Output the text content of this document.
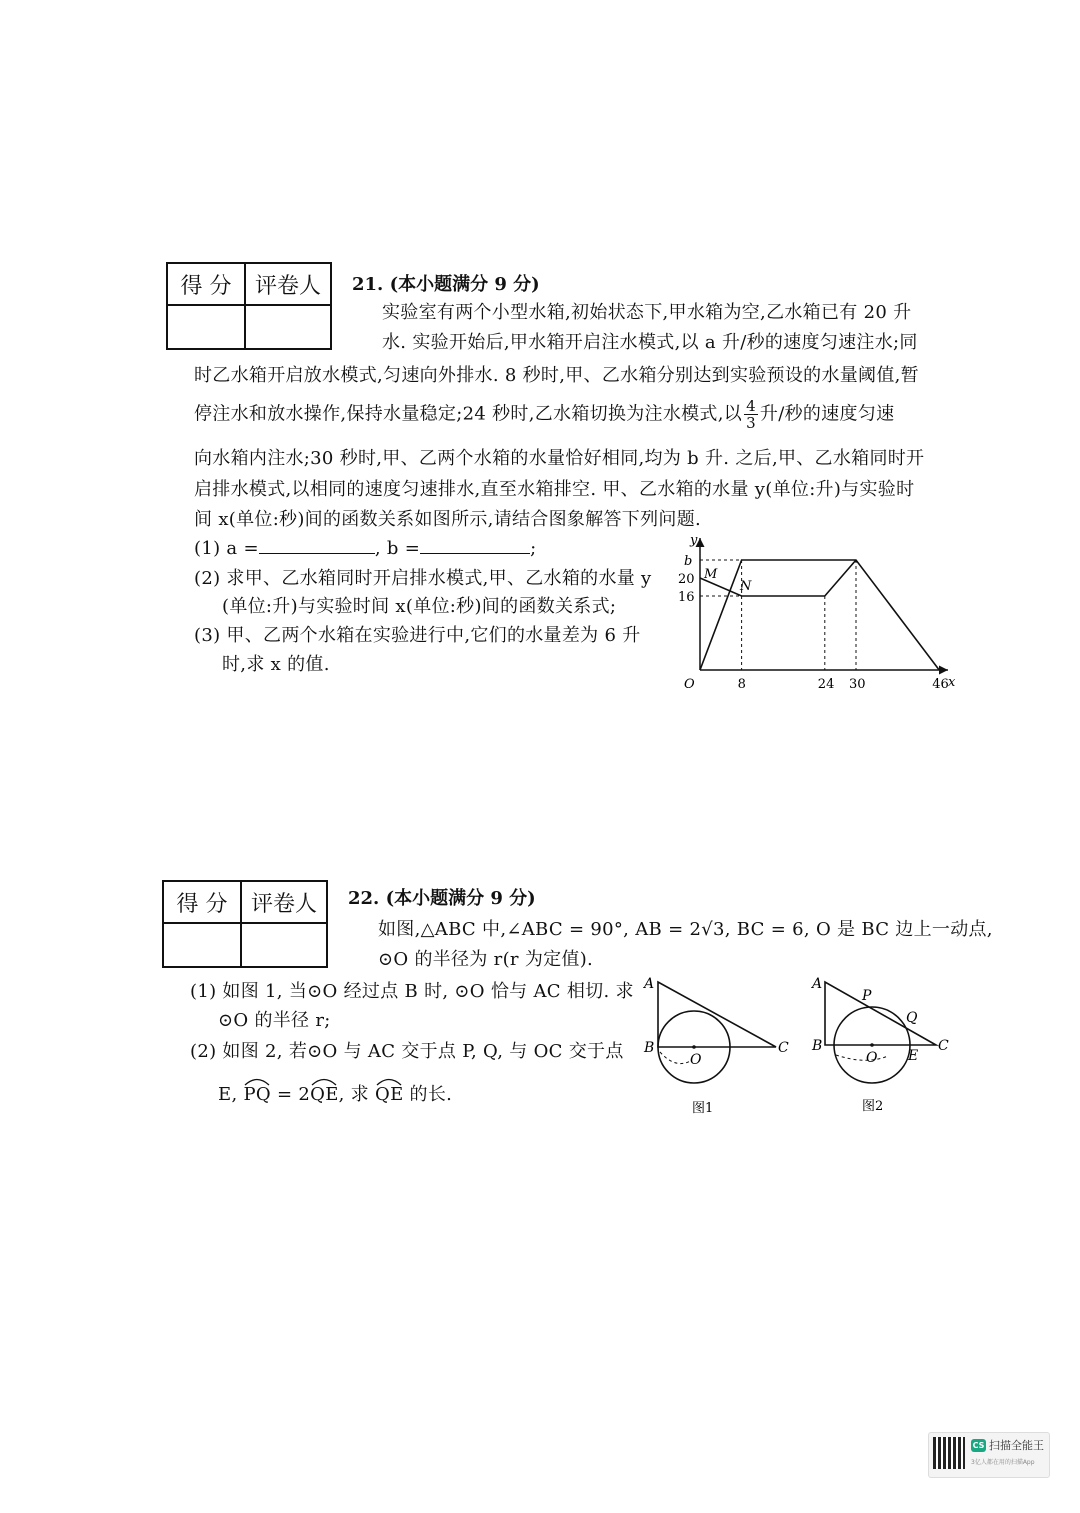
得 分	评卷人
	21. (本小题满分 9 分)
实验室有两个小型水箱,初始状态下,甲水箱为空,乙水箱已有 20 升
水. 实验开始后,甲水箱开启注水模式,以 a 升/秒的速度匀速注水;同
时乙水箱开启放水模式,匀速向外排水. 8 秒时,甲、乙水箱分别达到实验预设的水量阈值,暂
停注水和放水操作,保持水量稳定;24 秒时,乙水箱切换为注水模式,以 $\frac{4}{3}$ 升/秒的速度匀速
向水箱内注水;30 秒时,甲、乙两个水箱的水量恰好相同,均为 b 升. 之后,甲、乙水箱同时开
启排水模式,以相同的速度匀速排水,直至水箱排空. 甲、乙水箱的水量 y(单位:升)与实验时
间 x(单位:秒)间的函数关系如图所示,请结合图象解答下列问题.
(1) a =	, b =	;
(2) 求甲、乙水箱同时开启排水模式,甲、乙水箱的水量 y
(单位:升)与实验时间 x(单位:秒)间的函数关系式;
(3) 甲、乙两个水箱在实验进行中,它们的水量差为 6 升
时,求 x 的值.
x
y
O	8	24 30	46
16
20
b
M
N
得 分	评卷人
	22. (本小题满分 9 分)
如图,△ABC 中,∠ABC = 90°, AB = 2√3, BC = 6, O 是 BC 边上一动点,
⊙O 的半径为 r(r 为定值).
(1) 如图 1, 当⊙O 经过点 B 时, ⊙O 恰与 AC 相切. 求
⊙O 的半径 r;
(2) 如图 2, 若⊙O 与 AC 交于点 P, Q, 与 OC 交于点
E,
PQ = 2
QE, 求
QE 的长.
A
B
O
C
图1
A
P
Q
B
O E
C
图2
CS 扫描全能王
3亿人都在用的扫描App
